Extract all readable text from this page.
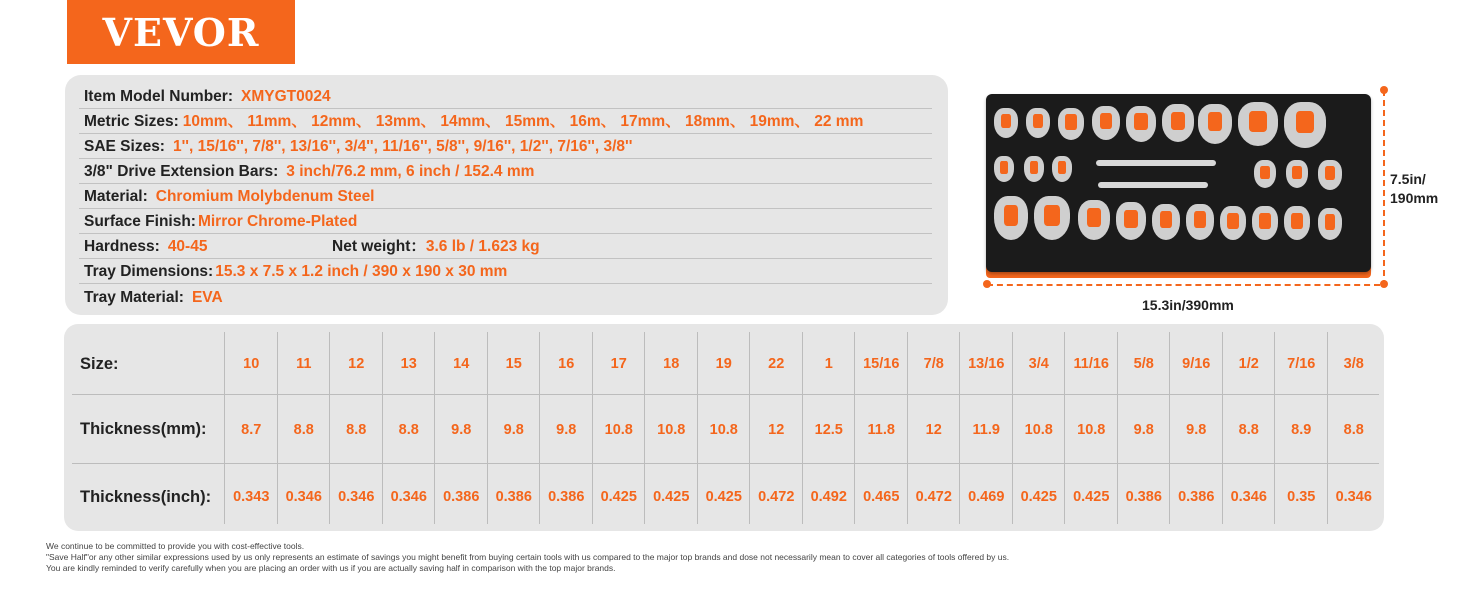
VEVOR
Item Model Number: XMYGT0024
Metric Sizes: 10mm、 11mm、 12mm、 13mm、 14mm、 15mm、 16m、 17mm、 18mm、 19mm、 22 mm
SAE Sizes: 1'', 15/16'', 7/8'', 13/16'', 3/4'', 11/16'', 5/8'', 9/16'', 1/2'', 7/16'', 3/8''
3/8" Drive Extension Bars: 3 inch/76.2 mm, 6 inch / 152.4 mm
Material: Chromium Molybdenum Steel
Surface Finish: Mirror Chrome-Plated
Hardness: 40-45	Net weight：3.6 lb / 1.623 kg
Tray Dimensions: 15.3 x 7.5 x 1.2 inch / 390 x 190 x 30 mm
Tray Material: EVA	15.3in/390mm
7.5in/
190mm
Size:
Thickness(mm):
Thickness(inch):
10
8.7
0.343
11
8.8
0.346
12
8.8
0.346
13
8.8
0.346
14
9.8
0.386
15
9.8
0.386
16
9.8
0.386
17
10.8
0.425
18
10.8
0.425
19
10.8
0.425
22
12
0.472
1
12.5
0.492
15/16
11.8
0.465
7/8
12
0.472
13/16
11.9
0.469
3/4
10.8
0.425
11/16
10.8
0.425
5/8
9.8
0.386
9/16
9.8
0.386
1/2
8.8
0.346
7/16
8.9
0.35
3/8
8.8
0.346
We continue to be committed to provide you with cost-effective tools.
"Save Half"or any other similar expressions used by us only represents an estimate of savings you might benefit from buying certain tools with us compared to the major top brands and dose not necessarily mean to cover all categories of tools offered by us.
You are kindly reminded to verify carefully when you are placing an order with us if you are actually saving half in comparison with the top major brands.
